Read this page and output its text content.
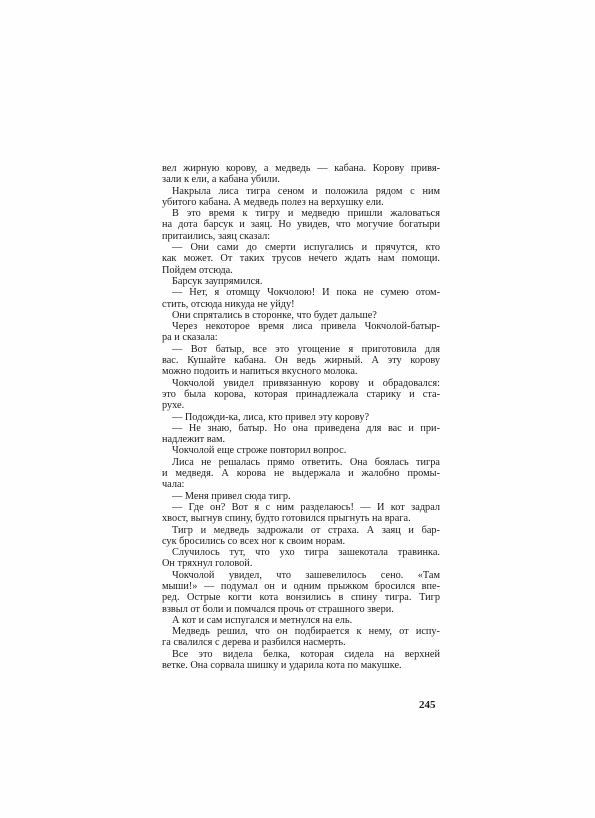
вел жирную корову, а медведь — кабана. Корову привя-
зали к ели, а кабана убили.
Накрыла лиса тигра сеном и положила рядом с ним
убитого кабана. А медведь полез на верхушку ели.
В это время к тигру и медведю пришли жаловаться
на дота барсук и заяц. Но увидев, что могучие богатыри
притаились, заяц сказал:
— Они сами до смерти испугались и прячутся, кто
как может. От таких трусов нечего ждать нам помощи.
Пойдем отсюда.
Барсук заупрямился.
— Нет, я отомщу Чокчолою! И пока не сумею отом-
стить, отсюда никуда не уйду!
Они спрятались в сторонке, что будет дальше?
Через некоторое время лиса привела Чокчолой-батыр-
ра и сказала:
— Вот батыр, все это угощение я приготовила для
вас. Кушайте кабана. Он ведь жирный. А эту корову
можно подоить и напиться вкусного молока.
Чокчолой увидел привязанную корову и обрадовался:
это была корова, которая принадлежала старику и ста-
рухе.
— Подожди-ка, лиса, кто привел эту корову?
— Не знаю, батыр. Но она приведена для вас и при-
надлежит вам.
Чокчолой еще строже повторил вопрос.
Лиса не решалась прямо ответить. Она боялась тигра
и медведя. А корова не выдержала и жалобно промы-
чала:
— Меня привел сюда тигр.
— Где он? Вот я с ним разделаюсь! — И кот задрал
хвост, выгнув спину, будто готовился прыгнуть на врага.
Тигр и медведь задрожали от страха. А заяц и бар-
сук бросились со всех ног к своим норам.
Случилось тут, что ухо тигра зашекотала травинка.
Он тряхнул головой.
Чокчолой увидел, что зашевелилось сено. «Там
мыши!» — подумал он и одним прыжком бросился впе-
ред. Острые когти кота вонзились в спину тигра. Тигр
взвыл от боли и помчался прочь от страшного звери.
А кот и сам испугался и метнулся на ель.
Медведь решил, что он подбирается к нему, от испу-
га свалился с дерева и разбился насмерть.
Все это видела белка, которая сидела на верхней
ветке. Она сорвала шишку и ударила кота по макушке.
245
